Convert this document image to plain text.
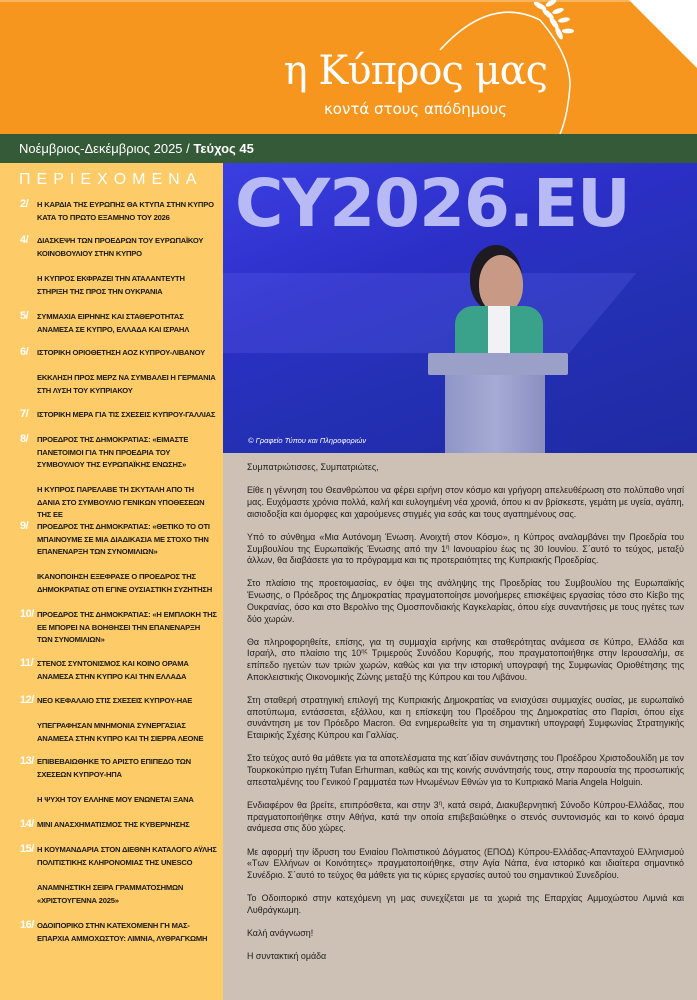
η Κύπρος μας
κοντά στους απόδημους
Νοέμβριος-Δεκέμβριος 2025 / Τεύχος 45
ΠΕΡΙΕΧΟΜΕΝΑ
2/ Η ΚΑΡΔΙΑ ΤΗΣ ΕΥΡΩΠΗΣ ΘΑ ΚΤΥΠΑ ΣΤΗΝ ΚΥΠΡΟ ΚΑΤΑ ΤΟ ΠΡΩΤΟ ΕΞΑΜΗΝΟ ΤΟΥ 2026
4/ ΔΙΑΣΚΕΨΗ ΤΩΝ ΠΡΟΕΔΡΩΝ ΤΟΥ ΕΥΡΩΠΑΪΚΟΥ ΚΟΙΝΟΒΟΥΛΙΟΥ ΣΤΗΝ ΚΥΠΡΟ
Η ΚΥΠΡΟΣ ΕΚΦΡΑΖΕΙ ΤΗΝ ΑΤΑΛΑΝΤΕΥΤΗ ΣΤΗΡΙΞΗ ΤΗΣ ΠΡΟΣ ΤΗΝ ΟΥΚΡΑΝΙΑ
5/ ΣΥΜΜΑΧΙΑ ΕΙΡΗΝΗΣ ΚΑΙ ΣΤΑΘΕΡΟΤΗΤΑΣ ΑΝΑΜΕΣΑ ΣΕ ΚΥΠΡΟ, ΕΛΛΑΔΑ ΚΑΙ ΙΣΡΑΗΛ
6/ ΙΣΤΟΡΙΚΗ ΟΡΙΟΘΕΤΗΣΗ ΑΟΖ ΚΥΠΡΟΥ-ΛΙΒΑΝΟΥ
ΕΚΚΛΗΣΗ ΠΡΟΣ ΜΕΡΖ ΝΑ ΣΥΜΒΑΛΕΙ Η ΓΕΡΜΑΝΙΑ ΣΤΗ ΛΥΣΗ ΤΟΥ ΚΥΠΡΙΑΚΟΥ
7/ ΙΣΤΟΡΙΚΗ ΜΕΡΑ ΓΙΑ ΤΙΣ ΣΧΕΣΕΙΣ ΚΥΠΡΟΥ-ΓΑΛΛΙΑΣ
8/ ΠΡΟΕΔΡΟΣ ΤΗΣ ΔΗΜΟΚΡΑΤΙΑΣ: «ΕΙΜΑΣΤΕ ΠΑΝΕΤΟΙΜΟΙ ΓΙΑ ΤΗΝ ΠΡΟΕΔΡΙΑ ΤΟΥ ΣΥΜΒΟΥΛΙΟΥ ΤΗΣ ΕΥΡΩΠΑΪΚΗΣ ΕΝΩΣΗΣ»
Η ΚΥΠΡΟΣ ΠΑΡΕΛΑΒΕ ΤΗ ΣΚΥΤΑΛΗ ΑΠΟ ΤΗ ΔΑΝΙΑ ΣΤΟ ΣΥΜΒΟΥΛΙΟ ΓΕΝΙΚΩΝ ΥΠΟΘΕΣΕΩΝ ΤΗΣ ΕΕ
9/ ΠΡΟΕΔΡΟΣ ΤΗΣ ΔΗΜΟΚΡΑΤΙΑΣ: «ΘΕΤΙΚΟ ΤΟ ΟΤΙ ΜΠΑΙΝΟΥΜΕ ΣΕ ΜΙΑ ΔΙΑΔΙΚΑΣΙΑ ΜΕ ΣΤΟΧΟ ΤΗΝ ΕΠΑΝΕΝΑΡΞΗ ΤΩΝ ΣΥΝΟΜΙΛΙΩΝ»
ΙΚΑΝΟΠΟΙΗΣΗ ΕΞΕΦΡΑΣΕ Ο ΠΡΟΕΔΡΟΣ ΤΗΣ ΔΗΜΟΚΡΑΤΙΑΣ ΟΤΙ ΕΓΙΝΕ ΟΥΣΙΑΣΤΙΚΗ ΣΥΖΗΤΗΣΗ
10/ ΠΡΟΕΔΡΟΣ ΤΗΣ ΔΗΜΟΚΡΑΤΙΑΣ: «Η ΕΜΠΛΟΚΗ ΤΗΣ ΕΕ ΜΠΟΡΕΙ ΝΑ ΒΟΗΘΗΣΕΙ ΤΗΝ ΕΠΑΝΕΝΑΡΞΗ ΤΩΝ ΣΥΝΟΜΙΛΙΩΝ»
11/ ΣΤΕΝΟΣ ΣΥΝΤΟΝΙΣΜΟΣ ΚΑΙ ΚΟΙΝΟ ΟΡΑΜΑ ΑΝΑΜΕΣΑ ΣΤΗΝ ΚΥΠΡΟ ΚΑΙ ΤΗΝ ΕΛΛΑΔΑ
12/ ΝΕΟ ΚΕΦΑΛΑΙΟ ΣΤΙΣ ΣΧΕΣΕΙΣ ΚΥΠΡΟΥ-ΗΑΕ
ΥΠΕΓΡΑΦΗΣΑΝ ΜΝΗΜΟΝΙΑ ΣΥΝΕΡΓΑΣΙΑΣ ΑΝΑΜΕΣΑ ΣΤΗΝ ΚΥΠΡΟ ΚΑΙ ΤΗ ΣΙΕΡΡΑ ΛΕΟΝΕ
13/ ΕΠΙΒΕΒΑΙΩΘΗΚΕ ΤΟ ΑΡΙΣΤΟ ΕΠΙΠΕΔΟ ΤΩΝ ΣΧΕΣΕΩΝ ΚΥΠΡΟΥ-ΗΠΑ
Η ΨΥΧΗ ΤΟΥ ΕΛΛΗΝΕ ΜΟΥ ΕΝΩΝΕΤΑΙ ΞΑΝΑ
14/ ΜΙΝΙ ΑΝΑΣΧΗΜΑΤΙΣΜΟΣ ΤΗΣ ΚΥΒΕΡΝΗΣΗΣ
15/ Η ΚΟΥΜΑΝΔΑΡΙΑ ΣΤΟΝ ΔΙΕΘΝΗ ΚΑΤΑΛΟΓΟ ΑΫΛΗΣ ΠΟΛΙΤΙΣΤΙΚΗΣ ΚΛΗΡΟΝΟΜΙΑΣ ΤΗΣ UNESCO
ΑΝΑΜΝΗΣΤΙΚΗ ΣΕΙΡΑ ΓΡΑΜΜΑΤΟΣΗΜΩΝ «ΧΡΙΣΤΟΥΓΕΝΝΑ 2025»
16/ ΟΔΟΙΠΟΡΙΚΟ ΣΤΗΝ ΚΑΤΕΧΟΜΕΝΗ ΓΗ ΜΑΣ-ΕΠΑΡΧΙΑ ΑΜΜΟΧΩΣΤΟΥ: ΛΙΜΝΙΑ, ΛΥΘΡΑΓΚΩΜΗ
CY2026.EU
© Γραφείο Τύπου και Πληροφοριών

Συμπατριώτισσες, Συμπατριώτες,

Είθε η γέννηση του Θεανθρώπου να φέρει ειρήνη στον κόσμο και γρήγορη απελευθέρωση στο πολύπαθο νησί μας. Ευχόμαστε χρόνια πολλά, καλή και ευλογημένη νέα χρονιά, όπου κι αν βρίσκεστε, γεμάτη με υγεία, αγάπη, αισιοδοξία και όμορφες και χαρούμενες στιγμές για εσάς και τους αγαπημένους σας.

Υπό το σύνθημα «Μια Αυτόνομη Ένωση. Ανοιχτή στον Κόσμο», η Κύπρος αναλαμβάνει την Προεδρία του Συμβουλίου της Ευρωπαϊκής Ένωσης από την $1^\eta$ Ιανουαρίου έως τις 30 Ιουνίου. Σ΄αυτό το τεύχος, μεταξύ άλλων, θα διαβάσετε για το πρόγραμμα και τις προτεραιότητες της Κυπριακής Προεδρίας.

Στο πλαίσιο της προετοιμασίας, εν όψει της ανάληψης της Προεδρίας του Συμβουλίου της Ευρωπαϊκής Ένωσης, ο Πρόεδρος της Δημοκρατίας πραγματοποίησε μονοήμερες επισκέψεις εργασίας τόσο στο Κίεβο της Ουκρανίας, όσο και στο Βερολίνο της Ομοσπονδιακής Καγκελαρίας, όπου είχε συναντήσεις με τους ηγέτες των δύο χωρών.

Θα πληροφορηθείτε, επίσης, για τη συμμαχία ειρήνης και σταθερότητας ανάμεσα σε Κύπρο, Ελλάδα και Ισραήλ, στο πλαίσιο της $10^{\eta\varsigma}$ Τριμερούς Συνόδου Κορυφής, που πραγματοποιήθηκε στην Ιερουσαλήμ, σε επίπεδο ηγετών των τριών χωρών, καθώς και για την ιστορική υπογραφή της Συμφωνίας Οριοθέτησης της Αποκλειστικής Οικονομικής Ζώνης μεταξύ της Κύπρου και του Λιβάνου.

Στη σταθερή στρατηγική επιλογή της Κυπριακής Δημοκρατίας να ενισχύσει συμμαχίες ουσίας, με ευρωπαϊκό αποτύπωμα, εντάσσεται, εξάλλου, και η επίσκεψη του Προέδρου της Δημοκρατίας στο Παρίσι, όπου είχε συνάντηση με τον Πρόεδρο Macron. Θα ενημερωθείτε για τη σημαντική υπογραφή Συμφωνίας Στρατηγικής Εταιρικής Σχέσης Κύπρου και Γαλλίας.

Στο τεύχος αυτό θα μάθετε για τα αποτελέσματα της κατ΄ιδίαν συνάντησης του Προέδρου Χριστοδουλίδη με τον Τουρκοκύπριο ηγέτη Tufan Erhurman, καθώς και της κοινής συνάντησής τους, στην παρουσία της προσωπικής απεσταλμένης του Γενικού Γραμματέα των Ηνωμένων Εθνών για το Κυπριακό Maria Angela Holguin.

Ενδιαφέρον θα βρείτε, επιπρόσθετα, και στην $3^\eta$, κατά σειρά, Διακυβερνητική Σύνοδο Κύπρου-Ελλάδας, που πραγματοποιήθηκε στην Αθήνα, κατά την οποία επιβεβαιώθηκε ο στενός συντονισμός και το κοινό όραμα ανάμεσα στις δύο χώρες.

Με αφορμή την ίδρυση του Ενιαίου Πολιτιστικού Δόγματος (ΕΠΟΔ) Κύπρου-Ελλάδας-Απανταχού Ελληνισμού «Των Ελλήνων οι Κοινότητες» πραγματοποιήθηκε, στην Αγία Νάπα, ένα ιστορικό και ιδιαίτερα σημαντικό Συνέδριο. Σ΄αυτό το τεύχος θα μάθετε για τις κύριες εργασίες αυτού του σημαντικού Συνεδρίου.

Το Οδοιπορικό στην κατεχόμενη γη μας συνεχίζεται με τα χωριά της Επαρχίας Αμμοχώστου Λιμνιά και Λυθράγκωμη.

Καλή ανάγνωση!

Η συντακτική ομάδα
